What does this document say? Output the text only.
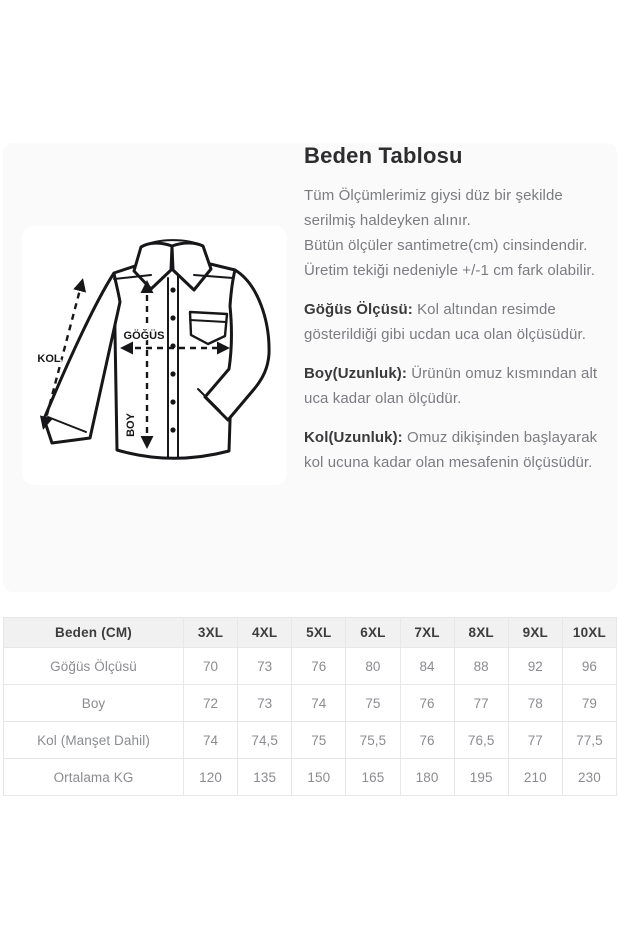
KOL
GÖĞÜS
BOY
Beden Tablosu

Tüm Ölçümlerimiz giysi düz bir şekilde serilmiş haldeyken alınır.

Bütün ölçüler santimetre(cm) cinsindendir. Üretim tekiği nedeniyle +/-1 cm fark olabilir.

Göğüs Ölçüsü: Kol altından resimde gösterildiği gibi ucdan uca olan ölçüsüdür.

Boy(Uzunluk): Ürünün omuz kısmından alt uca kadar olan ölçüdür.

Kol(Uzunluk): Omuz dikişinden başlayarak kol ucuna kadar olan mesafenin ölçüsüdür.

Beden (CM)	3XL	4XL	5XL	6XL	7XL	8XL	9XL	10XL
Göğüs Ölçüsü	70	73	76	80	84	88	92	96
Boy	72	73	74	75	76	77	78	79
Kol (Manşet Dahil)	74	74,5	75	75,5	76	76,5	77	77,5
Ortalama KG	120	135	150	165	180	195	210	230
